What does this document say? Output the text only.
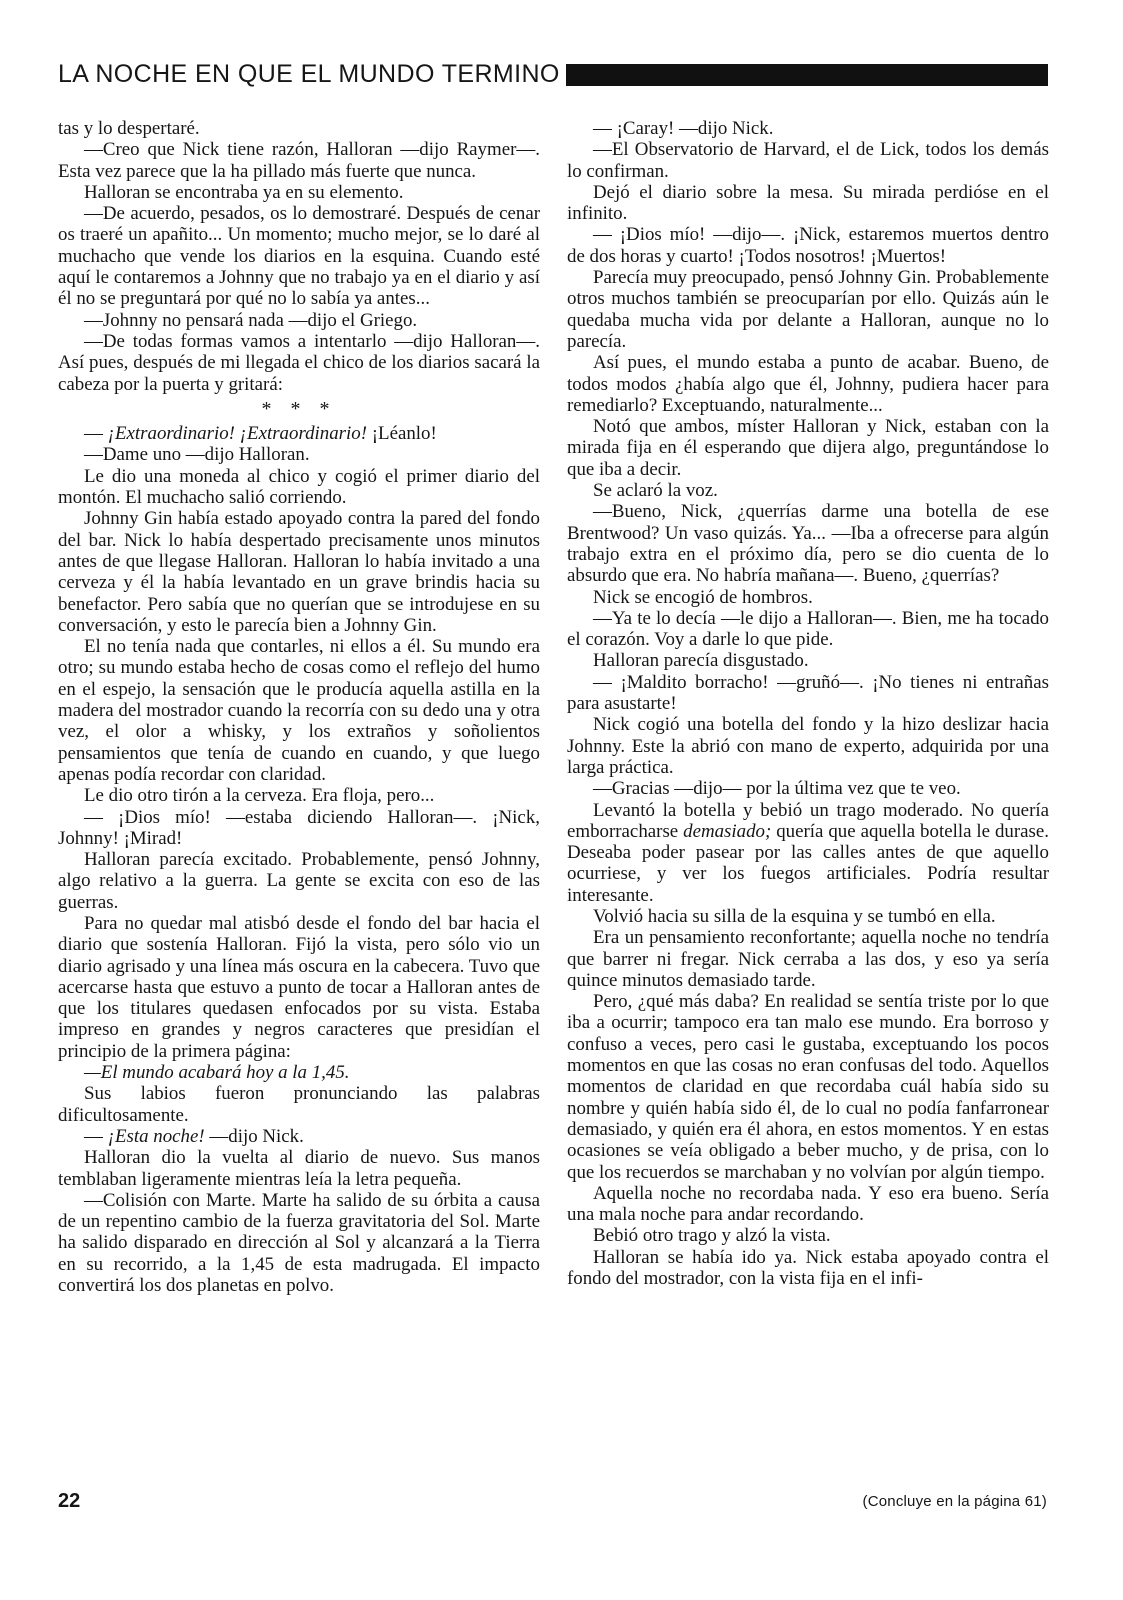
LA NOCHE EN QUE EL MUNDO TERMINO

tas y lo despertaré.

—Creo que Nick tiene razón, Halloran —dijo Raymer—. Esta vez parece que la ha pillado más fuerte que nunca.

Halloran se encontraba ya en su elemento.

—De acuerdo, pesados, os lo demostraré. Después de cenar os traeré un apañito... Un momento; mucho mejor, se lo daré al muchacho que vende los diarios en la esquina. Cuando esté aquí le contaremos a Johnny que no trabajo ya en el diario y así él no se preguntará por qué no lo sabía ya antes...

—Johnny no pensará nada —dijo el Griego.

—De todas formas vamos a intentarlo —dijo Halloran—. Así pues, después de mi llegada el chico de los diarios sacará la cabeza por la puerta y gritará:

* * *

— ¡Extraordinario! ¡Extraordinario! ¡Léanlo!

—Dame uno —dijo Halloran.

Le dio una moneda al chico y cogió el primer diario del montón. El muchacho salió corriendo.

Johnny Gin había estado apoyado contra la pared del fondo del bar. Nick lo había despertado precisamente unos minutos antes de que llegase Halloran. Halloran lo había invitado a una cerveza y él la había levantado en un grave brindis hacia su benefactor. Pero sabía que no querían que se introdujese en su conversación, y esto le parecía bien a Johnny Gin.

El no tenía nada que contarles, ni ellos a él. Su mundo era otro; su mundo estaba hecho de cosas como el reflejo del humo en el espejo, la sensación que le producía aquella astilla en la madera del mostrador cuando la recorría con su dedo una y otra vez, el olor a whisky, y los extraños y soñolientos pensamientos que tenía de cuando en cuando, y que luego apenas podía recordar con claridad.

Le dio otro tirón a la cerveza. Era floja, pero...

— ¡Dios mío! —estaba diciendo Halloran—. ¡Nick, Johnny! ¡Mirad!

Halloran parecía excitado. Probablemente, pensó Johnny, algo relativo a la guerra. La gente se excita con eso de las guerras.

Para no quedar mal atisbó desde el fondo del bar hacia el diario que sostenía Halloran. Fijó la vista, pero sólo vio un diario agrisado y una línea más oscura en la cabecera. Tuvo que acercarse hasta que estuvo a punto de tocar a Halloran antes de que los titulares quedasen enfocados por su vista. Estaba impreso en grandes y negros caracteres que presidían el principio de la primera página:

—El mundo acabará hoy a la 1,45.

Sus labios fueron pronunciando las palabras dificultosamente.

— ¡Esta noche! —dijo Nick.

Halloran dio la vuelta al diario de nuevo. Sus manos temblaban ligeramente mientras leía la letra pequeña.

—Colisión con Marte. Marte ha salido de su órbita a causa de un repentino cambio de la fuerza gravitatoria del Sol. Marte ha salido disparado en dirección al Sol y alcanzará a la Tierra en su recorrido, a la 1,45 de esta madrugada. El impacto convertirá los dos planetas en polvo.

— ¡Caray! —dijo Nick.

—El Observatorio de Harvard, el de Lick, todos los demás lo confirman.

Dejó el diario sobre la mesa. Su mirada perdióse en el infinito.

— ¡Dios mío! —dijo—. ¡Nick, estaremos muertos dentro de dos horas y cuarto! ¡Todos nosotros! ¡Muertos!

Parecía muy preocupado, pensó Johnny Gin. Probablemente otros muchos también se preocuparían por ello. Quizás aún le quedaba mucha vida por delante a Halloran, aunque no lo parecía.

Así pues, el mundo estaba a punto de acabar. Bueno, de todos modos ¿había algo que él, Johnny, pudiera hacer para remediarlo? Exceptuando, naturalmente...

Notó que ambos, míster Halloran y Nick, estaban con la mirada fija en él esperando que dijera algo, preguntándose lo que iba a decir.

Se aclaró la voz.

—Bueno, Nick, ¿querrías darme una botella de ese Brentwood? Un vaso quizás. Ya... —Iba a ofrecerse para algún trabajo extra en el próximo día, pero se dio cuenta de lo absurdo que era. No habría mañana—. Bueno, ¿querrías?

Nick se encogió de hombros.

—Ya te lo decía —le dijo a Halloran—. Bien, me ha tocado el corazón. Voy a darle lo que pide.

Halloran parecía disgustado.

— ¡Maldito borracho! —gruñó—. ¡No tienes ni entrañas para asustarte!

Nick cogió una botella del fondo y la hizo deslizar hacia Johnny. Este la abrió con mano de experto, adquirida por una larga práctica.

—Gracias —dijo— por la última vez que te veo.

Levantó la botella y bebió un trago moderado. No quería emborracharse demasiado; quería que aquella botella le durase. Deseaba poder pasear por las calles antes de que aquello ocurriese, y ver los fuegos artificiales. Podría resultar interesante.

Volvió hacia su silla de la esquina y se tumbó en ella.

Era un pensamiento reconfortante; aquella noche no tendría que barrer ni fregar. Nick cerraba a las dos, y eso ya sería quince minutos demasiado tarde.

Pero, ¿qué más daba? En realidad se sentía triste por lo que iba a ocurrir; tampoco era tan malo ese mundo. Era borroso y confuso a veces, pero casi le gustaba, exceptuando los pocos momentos en que las cosas no eran confusas del todo. Aquellos momentos de claridad en que recordaba cuál había sido su nombre y quién había sido él, de lo cual no podía fanfarronear demasiado, y quién era él ahora, en estos momentos. Y en estas ocasiones se veía obligado a beber mucho, y de prisa, con lo que los recuerdos se marchaban y no volvían por algún tiempo.

Aquella noche no recordaba nada. Y eso era bueno. Sería una mala noche para andar recordando.

Bebió otro trago y alzó la vista.

Halloran se había ido ya. Nick estaba apoyado contra el fondo del mostrador, con la vista fija en el infi-

22	(Concluye en la página 61)
